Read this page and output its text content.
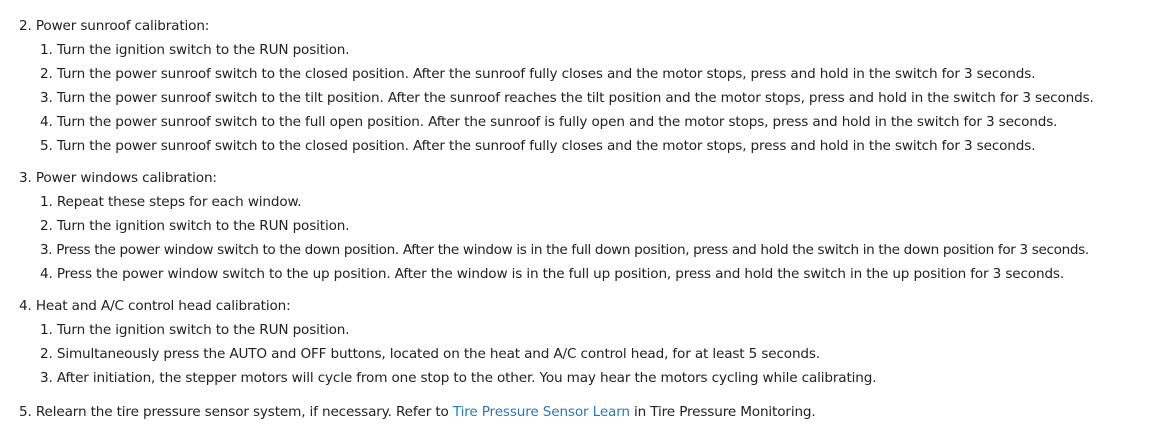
2. Power sunroof calibration:
1. Turn the ignition switch to the RUN position.
2. Turn the power sunroof switch to the closed position. After the sunroof fully closes and the motor stops, press and hold in the switch for 3 seconds.
3. Turn the power sunroof switch to the tilt position. After the sunroof reaches the tilt position and the motor stops, press and hold in the switch for 3 seconds.
4. Turn the power sunroof switch to the full open position. After the sunroof is fully open and the motor stops, press and hold in the switch for 3 seconds.
5. Turn the power sunroof switch to the closed position. After the sunroof fully closes and the motor stops, press and hold in the switch for 3 seconds.
3. Power windows calibration:
1. Repeat these steps for each window.
2. Turn the ignition switch to the RUN position.
3. Press the power window switch to the down position. After the window is in the full down position, press and hold the switch in the down position for 3 seconds.
4. Press the power window switch to the up position. After the window is in the full up position, press and hold the switch in the up position for 3 seconds.
4. Heat and A/C control head calibration:
1. Turn the ignition switch to the RUN position.
2. Simultaneously press the AUTO and OFF buttons, located on the heat and A/C control head, for at least 5 seconds.
3. After initiation, the stepper motors will cycle from one stop to the other. You may hear the motors cycling while calibrating.
5. Relearn the tire pressure sensor system, if necessary. Refer to Tire Pressure Sensor Learn in Tire Pressure Monitoring.
